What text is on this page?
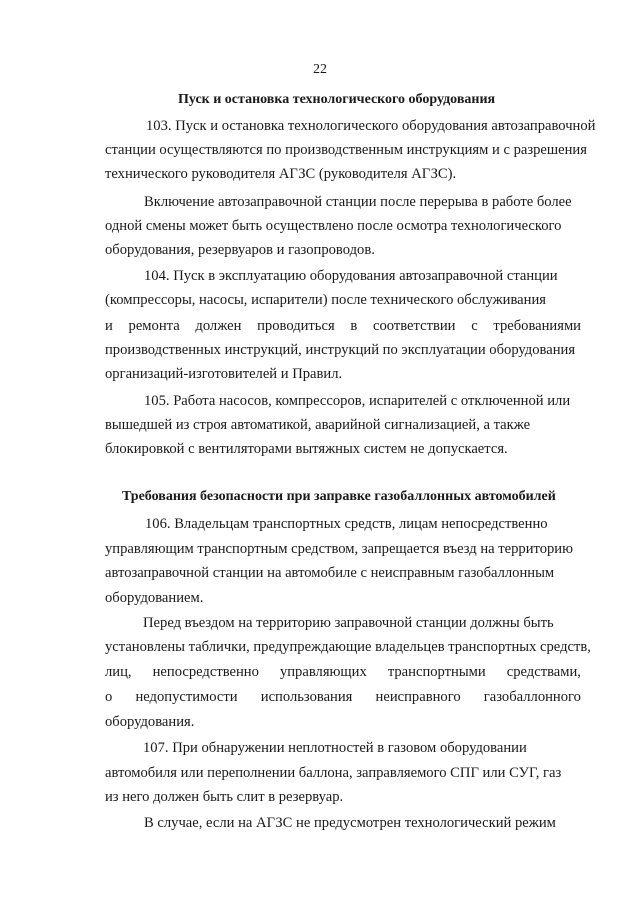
22
Пуск и остановка технологического оборудования
103. Пуск и остановка технологического оборудования автозаправочной
станции осуществляются по производственным инструкциям и с разрешения
технического руководителя АГЗС (руководителя АГЗС).
Включение автозаправочной станции после перерыва в работе более
одной смены может быть осуществлено после осмотра технологического
оборудования, резервуаров и газопроводов.
104. Пуск в эксплуатацию оборудования автозаправочной станции
(компрессоры, насосы, испарители) после технического обслуживания
и ремонта должен проводиться в соответствии с требованиями
производственных инструкций, инструкций по эксплуатации оборудования
организаций-изготовителей и Правил.
105. Работа насосов, компрессоров, испарителей с отключенной или
вышедшей из строя автоматикой, аварийной сигнализацией, а также
блокировкой с вентиляторами вытяжных систем не допускается.
Требования безопасности при заправке газобаллонных автомобилей
106. Владельцам транспортных средств, лицам непосредственно
управляющим транспортным средством, запрещается въезд на территорию
автозаправочной станции на автомобиле с неисправным газобаллонным
оборудованием.
Перед въездом на территорию заправочной станции должны быть
установлены таблички, предупреждающие владельцев транспортных средств,
лиц, непосредственно управляющих транспортными средствами,
о недопустимости использования неисправного газобаллонного
оборудования.
107. При обнаружении неплотностей в газовом оборудовании
автомобиля или переполнении баллона, заправляемого СПГ или СУГ, газ
из него должен быть слит в резервуар.
В случае, если на АГЗС не предусмотрен технологический режим
